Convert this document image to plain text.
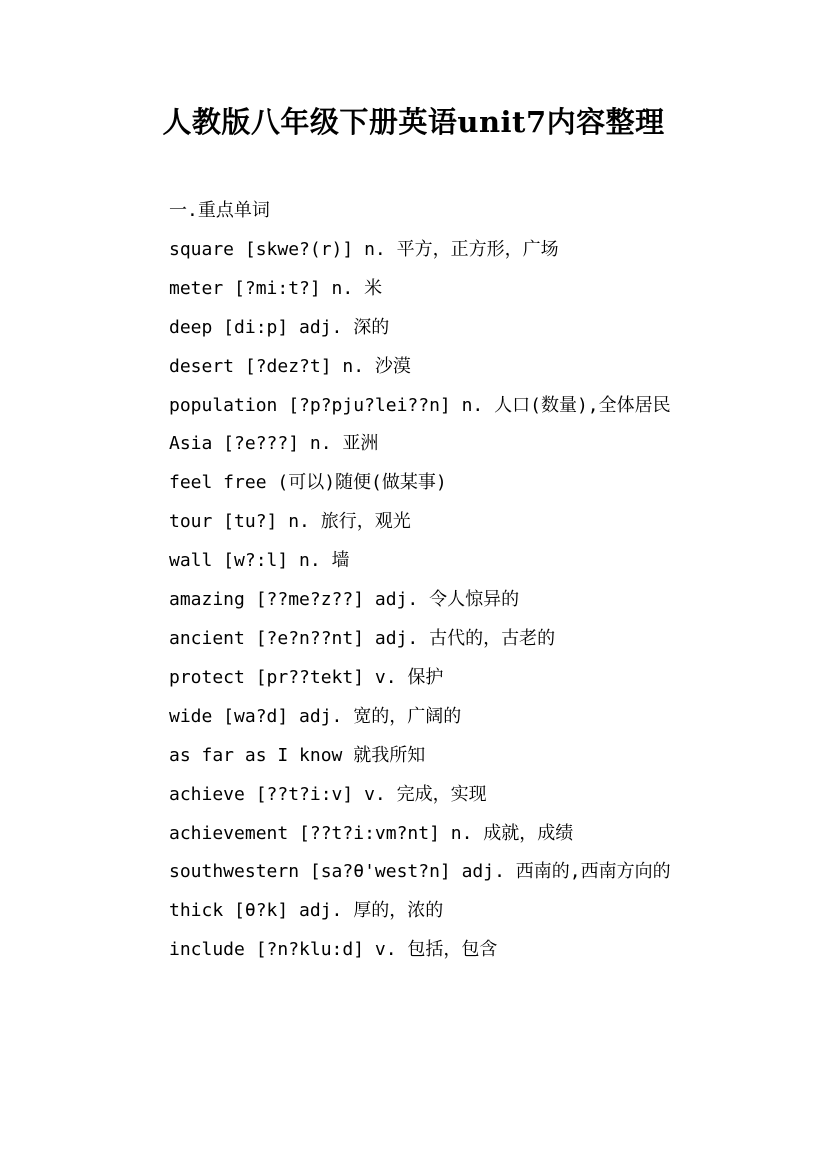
人教版八年级下册英语unit7内容整理

一.重点单词

square [skwe?(r)] n. 平方，正方形，广场

meter [?mi:t?] n. 米

deep [di:p] adj. 深的

desert [?dez?t] n. 沙漠

population [?p?pju?lei??n] n. 人口(数量),全体居民

Asia [?e???] n. 亚洲

feel free (可以)随便(做某事)

tour [tu?] n. 旅行，观光

wall [w?:l] n. 墙

amazing [??me?z??] adj. 令人惊异的

ancient [?e?n??nt] adj. 古代的，古老的

protect [pr??tekt] v. 保护

wide [wa?d] adj. 宽的，广阔的

as far as I know 就我所知

achieve [??t?i:v] v. 完成，实现

achievement [??t?i:vm?nt] n. 成就，成绩

southwestern [sa?θ'west?n] adj. 西南的,西南方向的

thick [θ?k] adj. 厚的，浓的

include [?n?klu:d] v. 包括，包含
